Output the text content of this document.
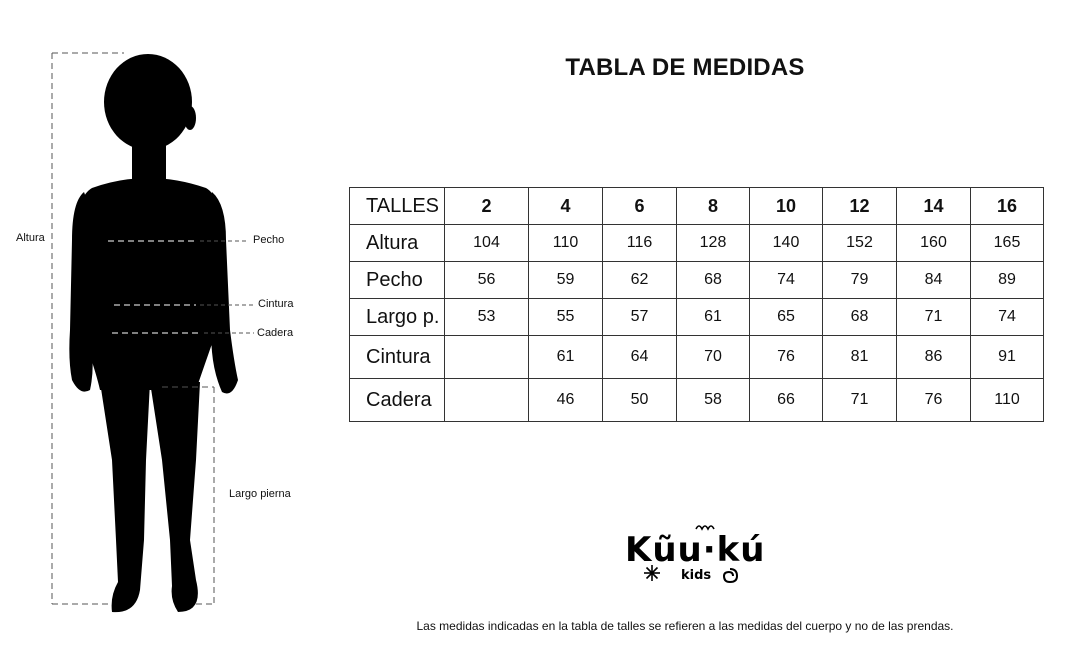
TABLA DE MEDIDAS
Altura	Pecho
Cintura
Cadera
Largo pierna
TALLES	2	4	6	8	10	12	14	16
Altura	104	110	116	128	140	152	160	165
Pecho	56	59	62	68	74	79	84	89
Largo p.	53	55	57	61	65	68	71	74
Cintura		61	64	70	76	81	86	91
Cadera		46	50	58	66	71	76	110
Kũu·kú
kids
Las medidas indicadas en la tabla de talles se refieren a las medidas del cuerpo y no de las prendas.
